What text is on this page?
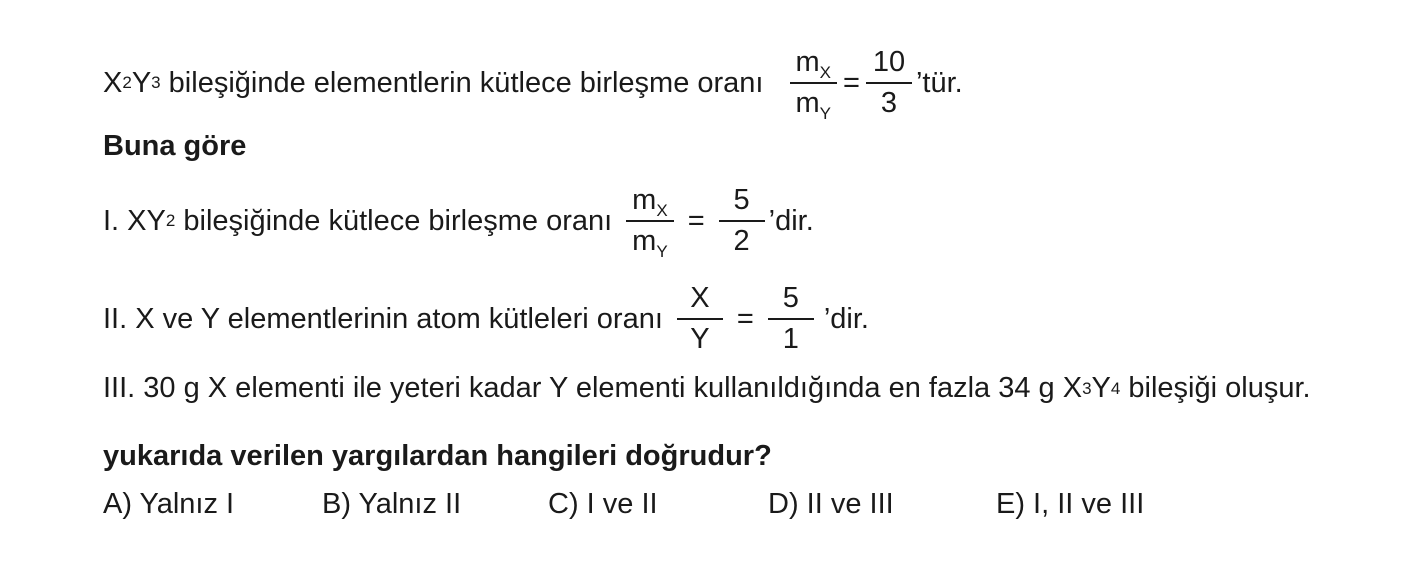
X 2 Y 3 bileşiğinde elementlerin kütlece birleşme oranı $\frac{m_X}{m_Y} = \frac{10}{3}$ ’tür.
Buna göre
I. XY 2 bileşiğinde kütlece birleşme oranı $\frac{m_X}{m_Y} = \frac{5}{2}$ ’dir.
II. X ve Y elementlerinin atom kütleleri oranı $\frac{X}{Y} = \frac{5}{1}$ ’dir.
III. 30 g X elementi ile yeteri kadar Y elementi kullanıldığında en fazla 34 g X 3 Y 4 bileşiği oluşur.
yukarıda verilen yargılardan hangileri doğrudur?
A) Yalnız I	B) Yalnız II	C) I ve II	D) II ve III	E) I, II ve III
